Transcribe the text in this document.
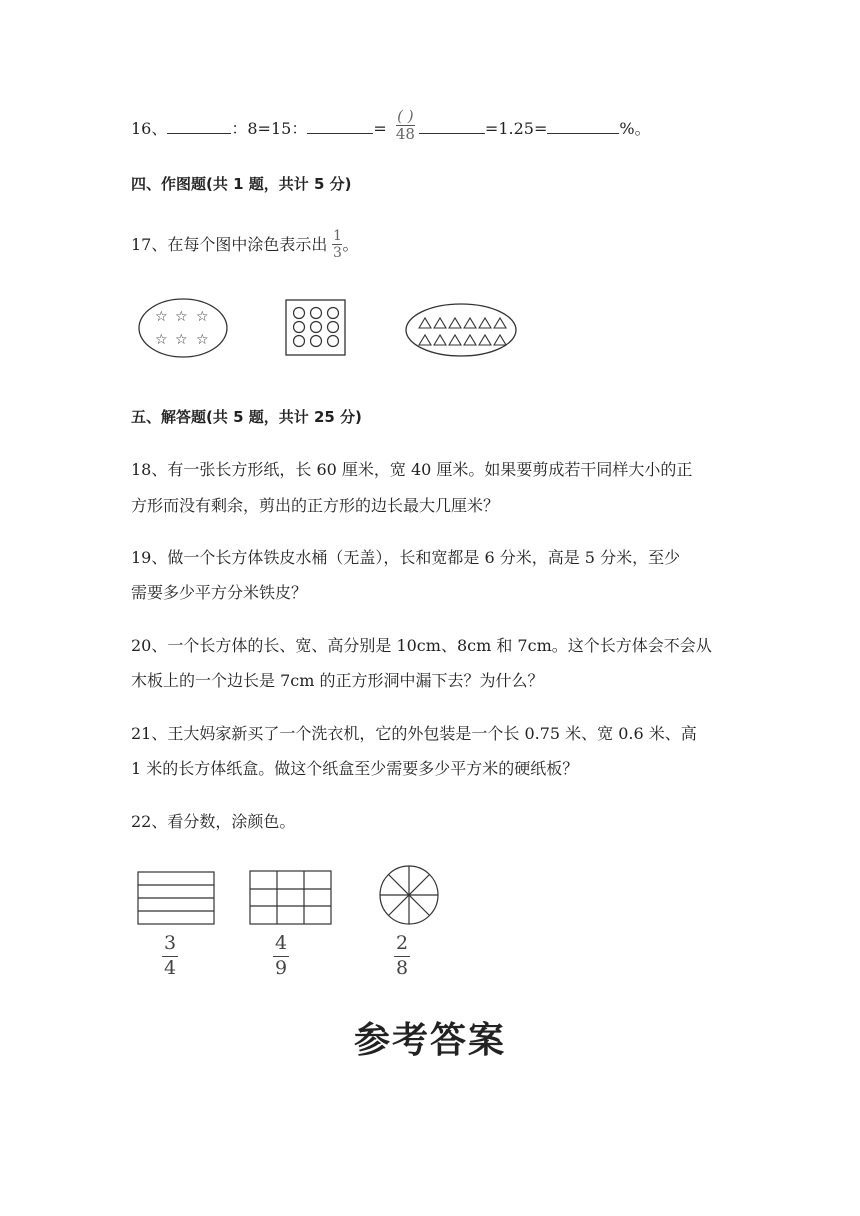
16、	：8=15：	= $\frac{( )}{48}$	=1.25=	%。
四、作图题(共 1 题，共计 5 分)
17、在每个图中涂色表示出 $\frac{1}{3}$ 。
☆ ☆ ☆
☆ ☆ ☆
五、解答题(共 5 题，共计 25 分)
18、有一张长方形纸，长 60 厘米，宽 40 厘米。如果要剪成若干同样大小的正
方形而没有剩余，剪出的正方形的边长最大几厘米？
19、做一个长方体铁皮水桶（无盖），长和宽都是 6 分米，高是 5 分米，至少
需要多少平方分米铁皮？
20、一个长方体的长、宽、高分别是 10cm、8cm 和 7cm。这个长方体会不会从
木板上的一个边长是 7cm 的正方形洞中漏下去？为什么？
21、王大妈家新买了一个洗衣机，它的外包装是一个长 0.75 米、宽 0.6 米、高
1 米的长方体纸盒。做这个纸盒至少需要多少平方米的硬纸板？
22、看分数，涂颜色。
3
4
4
9
2
8
参考答案
